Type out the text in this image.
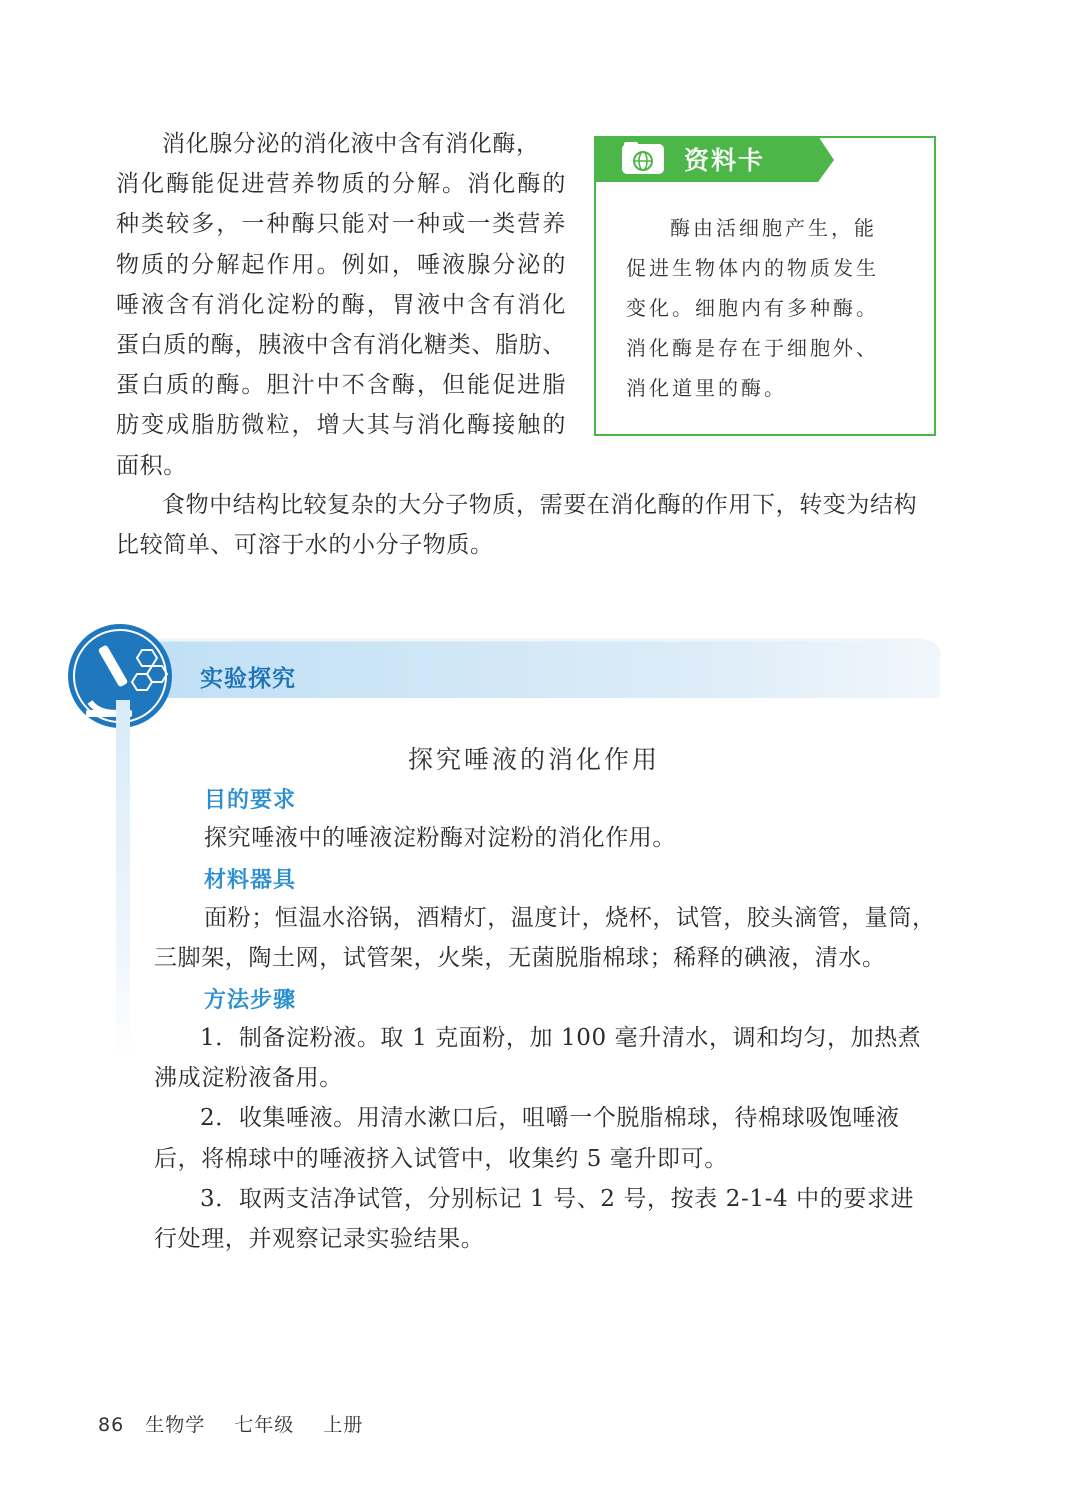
消化腺分泌的消化液中含有消化酶，
消化酶能促进营养物质的分解。消化酶的
种类较多，一种酶只能对一种或一类营养
物质的分解起作用。例如，唾液腺分泌的
唾液含有消化淀粉的酶，胃液中含有消化
蛋白质的酶，胰液中含有消化糖类、脂肪、
蛋白质的酶。胆汁中不含酶，但能促进脂
肪变成脂肪微粒，增大其与消化酶接触的
面积。
食物中结构比较复杂的大分子物质，需要在消化酶的作用下，转变为结构
比较简单、可溶于水的小分子物质。
资料卡
酶由活细胞产生，能
促进生物体内的物质发生
变化。细胞内有多种酶。
消化酶是存在于细胞外、
消化道里的酶。
实验探究
探究唾液的消化作用
目的要求
探究唾液中的唾液淀粉酶对淀粉的消化作用。
材料器具
面粉；恒温水浴锅，酒精灯，温度计，烧杯，试管，胶头滴管，量筒，
三脚架，陶土网，试管架，火柴，无菌脱脂棉球；稀释的碘液，清水。
方法步骤
1．制备淀粉液。取 1 克面粉，加 100 毫升清水，调和均匀，加热煮
沸成淀粉液备用。
2．收集唾液。用清水漱口后，咀嚼一个脱脂棉球，待棉球吸饱唾液
后，将棉球中的唾液挤入试管中，收集约 5 毫升即可。
3．取两支洁净试管，分别标记 1 号、2 号，按表 2-1-4 中的要求进
行处理，并观察记录实验结果。
86 生物学 七年级 上册
